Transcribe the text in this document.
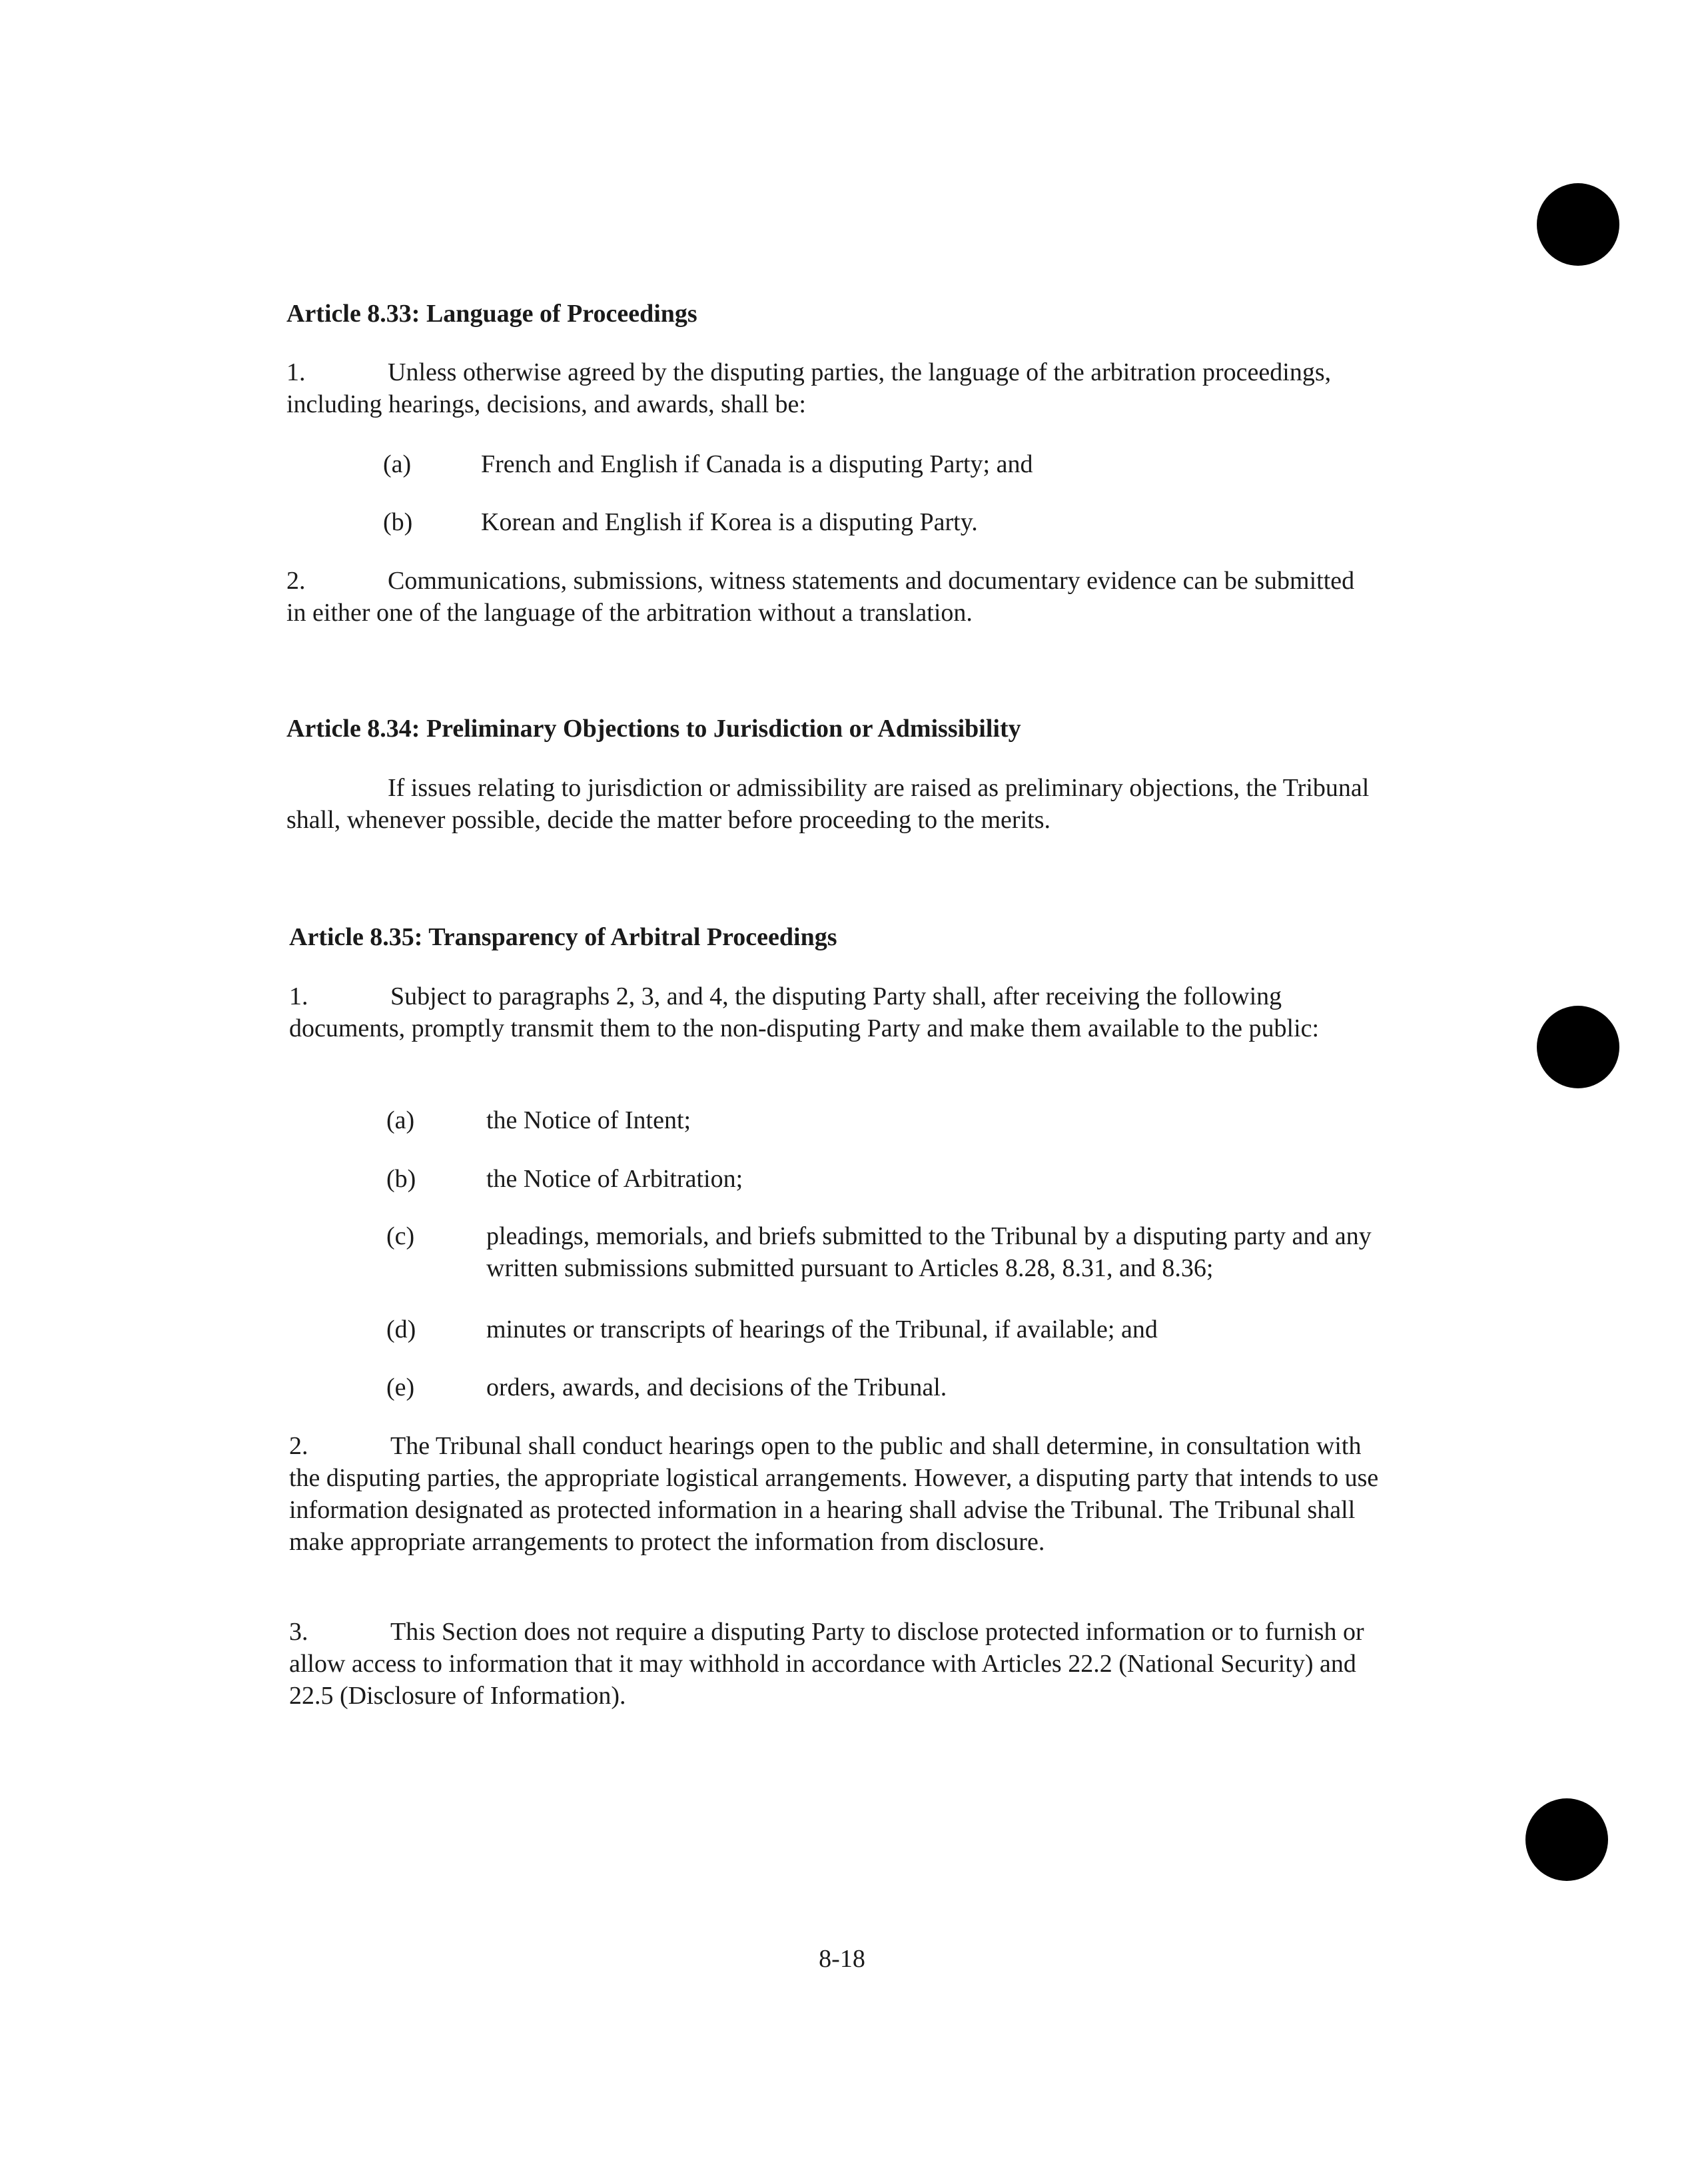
Article 8.33: Language of Proceedings
1.	Unless otherwise agreed by the disputing parties, the language of the arbitration proceedings, including hearings, decisions, and awards, shall be:
(a)	French and English if Canada is a disputing Party; and
(b)	Korean and English if Korea is a disputing Party.
2.	Communications, submissions, witness statements and documentary evidence can be submitted in either one of the language of the arbitration without a translation.
Article 8.34: Preliminary Objections to Jurisdiction or Admissibility
If issues relating to jurisdiction or admissibility are raised as preliminary objections, the Tribunal shall, whenever possible, decide the matter before proceeding to the merits.
Article 8.35: Transparency of Arbitral Proceedings
1.	Subject to paragraphs 2, 3, and 4, the disputing Party shall, after receiving the following documents, promptly transmit them to the non-disputing Party and make them available to the public:
(a)	the Notice of Intent;
(b)	the Notice of Arbitration;
(c)	pleadings, memorials, and briefs submitted to the Tribunal by a disputing party and any written submissions submitted pursuant to Articles 8.28, 8.31, and 8.36;
(d)	minutes or transcripts of hearings of the Tribunal, if available; and
(e)	orders, awards, and decisions of the Tribunal.
2.	The Tribunal shall conduct hearings open to the public and shall determine, in consultation with the disputing parties, the appropriate logistical arrangements. However, a disputing party that intends to use information designated as protected information in a hearing shall advise the Tribunal. The Tribunal shall make appropriate arrangements to protect the information from disclosure.
3.	This Section does not require a disputing Party to disclose protected information or to furnish or allow access to information that it may withhold in accordance with Articles 22.2 (National Security) and 22.5 (Disclosure of Information).
8-18
